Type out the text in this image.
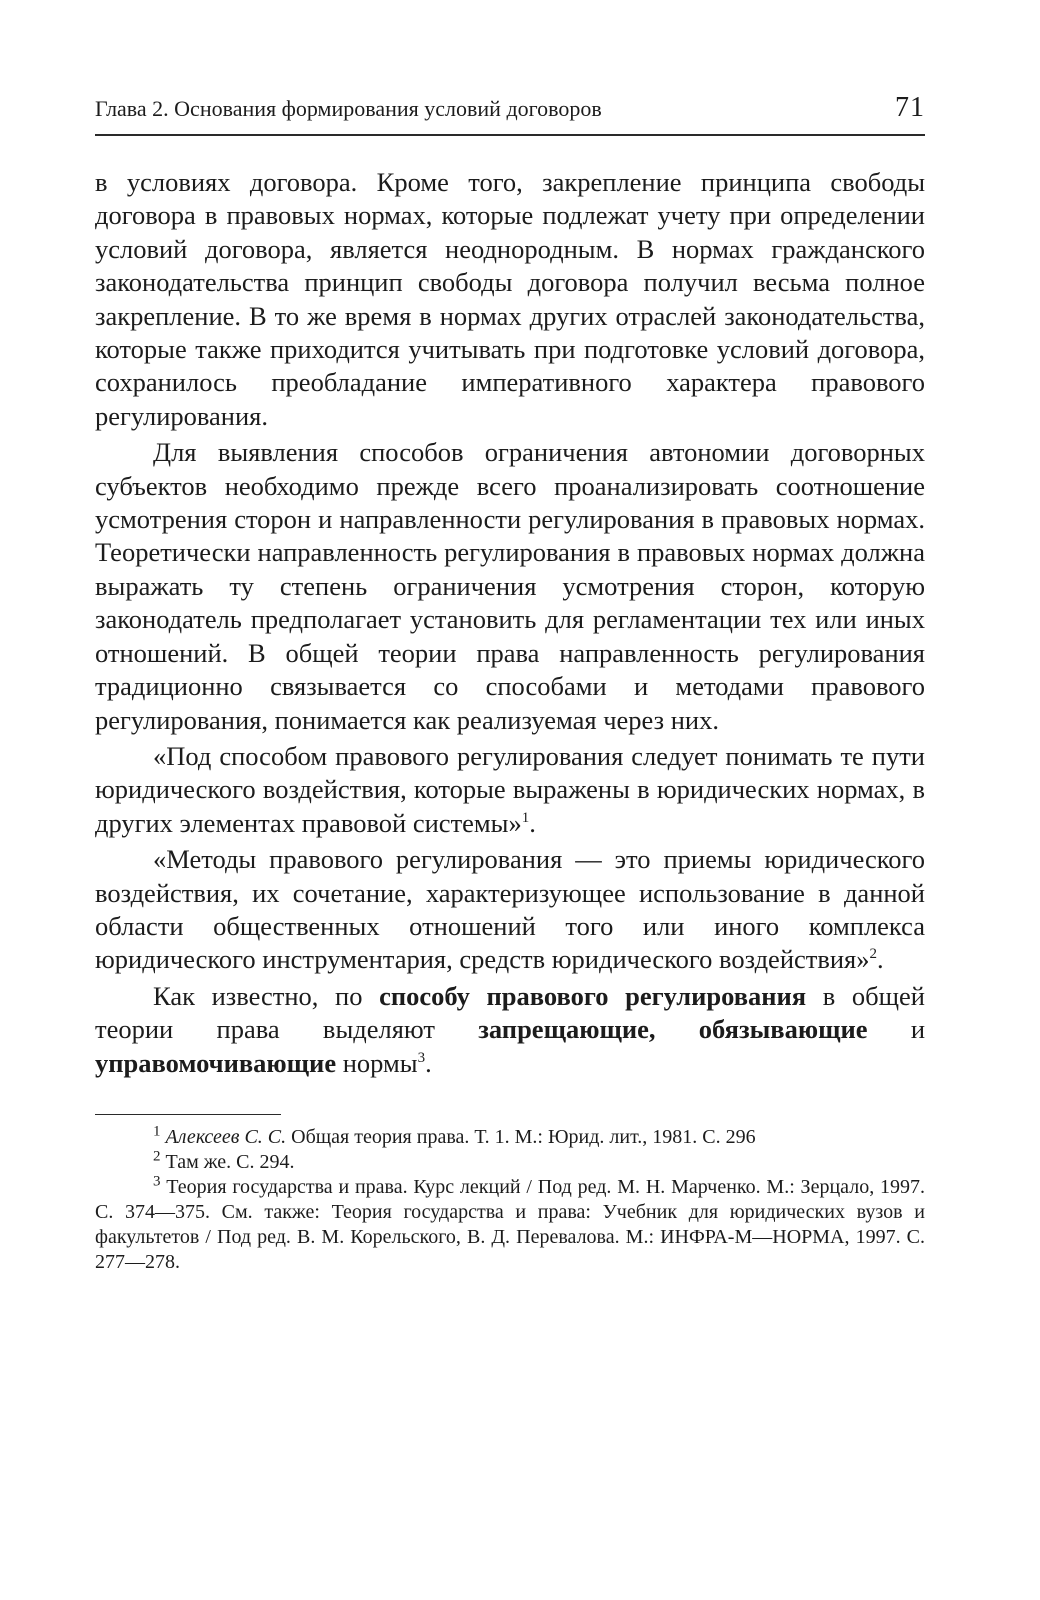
Глава 2. Основания формирования условий договоров	71

в условиях договора. Кроме того, закрепление принципа свободы договора в правовых нормах, которые подлежат учету при определении условий договора, является неоднородным. В нормах гражданского законодательства принцип свободы договора получил весьма полное закрепление. В то же время в нормах других отраслей законодательства, которые также приходится учитывать при подготовке условий договора, сохранилось преобладание императивного характера правового регулирования.

Для выявления способов ограничения автономии договорных субъектов необходимо прежде всего проанализировать соотношение усмотрения сторон и направленности регулирования в правовых нормах. Теоретически направленность регулирования в правовых нормах должна выражать ту степень ограничения усмотрения сторон, которую законодатель предполагает установить для регламентации тех или иных отношений. В общей теории права направленность регулирования традиционно связывается со способами и методами правового регулирования, понимается как реализуемая через них.

«Под способом правового регулирования следует понимать те пути юридического воздействия, которые выражены в юридических нормах, в других элементах правовой системы»$^1$.

«Методы правового регулирования — это приемы юридического воздействия, их сочетание, характеризующее использование в данной области общественных отношений того или иного комплекса юридического инструментария, средств юридического воздействия»$^2$.

Как известно, по способу правового регулирования в общей теории права выделяют запрещающие, обязывающие и управомочивающие нормы$^3$.

$^1$ Алексеев С. С. Общая теория права. Т. 1. М.: Юрид. лит., 1981. С. 296

$^2$ Там же. С. 294.

$^3$ Теория государства и права. Курс лекций / Под ред. М. Н. Марченко. М.: Зерцало, 1997. С. 374—375. См. также: Теория государства и права: Учебник для юридических вузов и факультетов / Под ред. В. М. Корельского, В. Д. Перевалова. М.: ИНФРА-М—НОРМА, 1997. С. 277—278.
